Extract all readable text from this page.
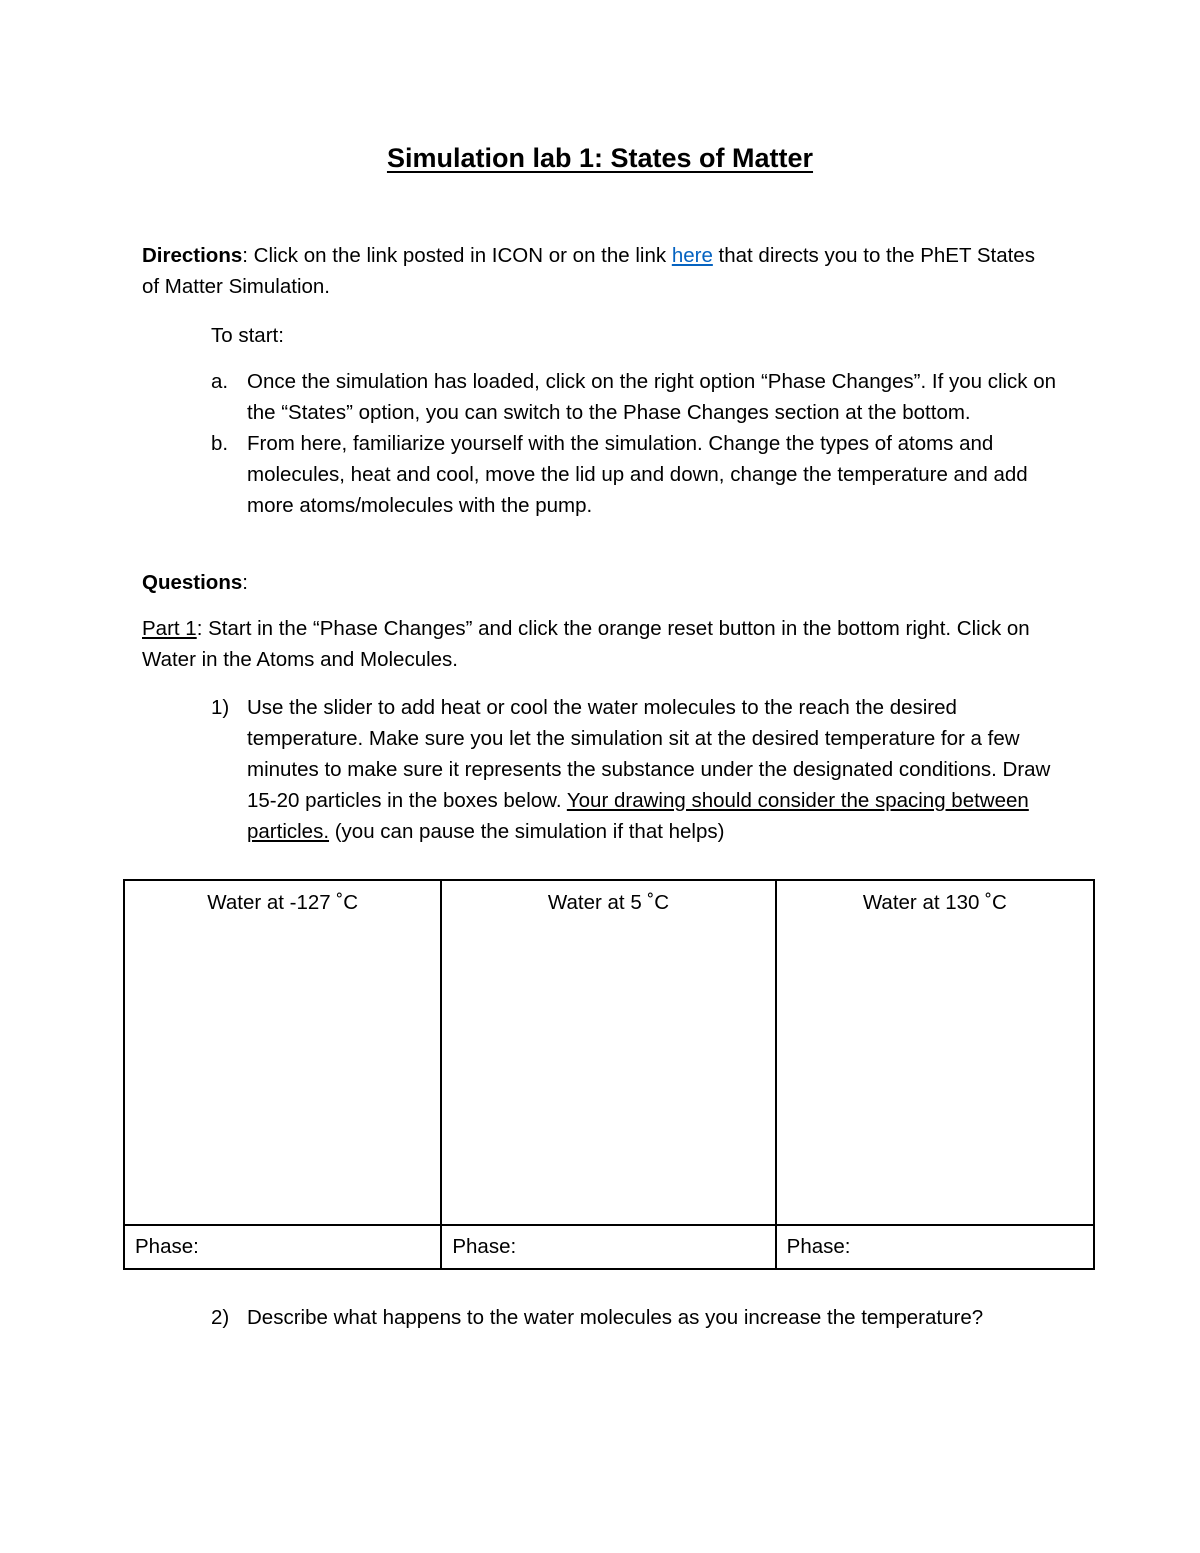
Simulation lab 1: States of Matter
Directions: Click on the link posted in ICON or on the link here that directs you to the PhET States of Matter Simulation.
To start:
a. Once the simulation has loaded, click on the right option “Phase Changes”. If you click on the “States” option, you can switch to the Phase Changes section at the bottom.
b. From here, familiarize yourself with the simulation. Change the types of atoms and molecules, heat and cool, move the lid up and down, change the temperature and add more atoms/molecules with the pump.
Questions:
Part 1: Start in the “Phase Changes” and click the orange reset button in the bottom right. Click on Water in the Atoms and Molecules.
1) Use the slider to add heat or cool the water molecules to the reach the desired temperature. Make sure you let the simulation sit at the desired temperature for a few minutes to make sure it represents the substance under the designated conditions. Draw 15-20 particles in the boxes below. Your drawing should consider the spacing between particles. (you can pause the simulation if that helps)
Water at -127 ˚C	Water at 5 ˚C	Water at 130 ˚C
Phase:	Phase:	Phase:
2) Describe what happens to the water molecules as you increase the temperature?
